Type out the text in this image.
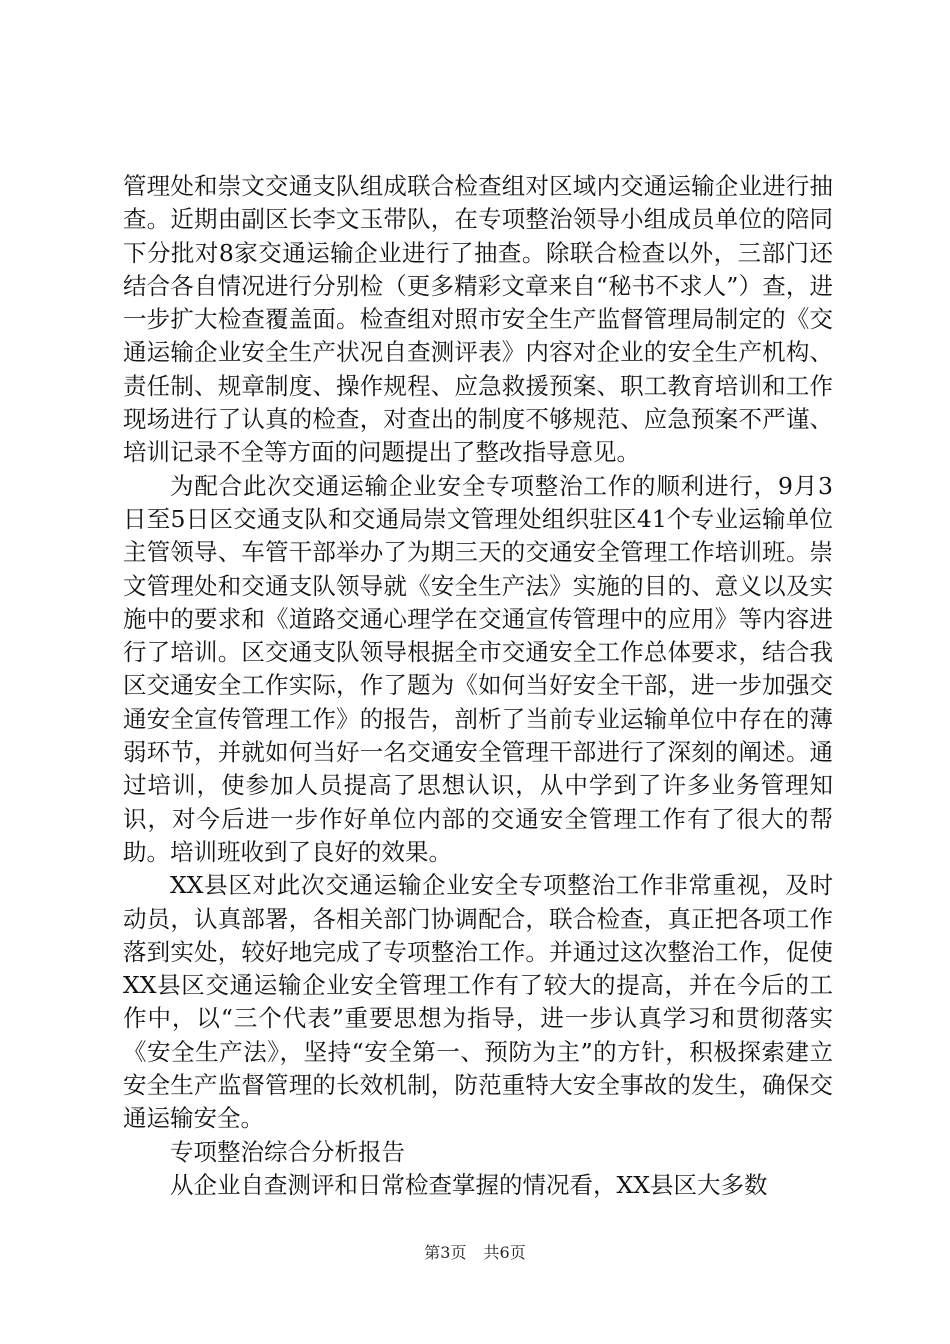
管理处和崇文交通支队组成联合检查组对区域内交通运输企业进行抽查。近期由副区长李文玉带队，在专项整治领导小组成员单位的陪同下分批对8家交通运输企业进行了抽查。除联合检查以外，三部门还结合各自情况进行分别检（更多精彩文章来自“秘书不求人”）查，进一步扩大检查覆盖面。检查组对照市安全生产监督管理局制定的《交通运输企业安全生产状况自查测评表》内容对企业的安全生产机构、责任制、规章制度、操作规程、应急救援预案、职工教育培训和工作现场进行了认真的检查，对查出的制度不够规范、应急预案不严谨、培训记录不全等方面的问题提出了整改指导意见。

为配合此次交通运输企业安全专项整治工作的顺利进行，9月3日至5日区交通支队和交通局崇文管理处组织驻区41个专业运输单位主管领导、车管干部举办了为期三天的交通安全管理工作培训班。崇文管理处和交通支队领导就《安全生产法》实施的目的、意义以及实施中的要求和《道路交通心理学在交通宣传管理中的应用》等内容进行了培训。区交通支队领导根据全市交通安全工作总体要求，结合我区交通安全工作实际，作了题为《如何当好安全干部，进一步加强交通安全宣传管理工作》的报告，剖析了当前专业运输单位中存在的薄弱环节，并就如何当好一名交通安全管理干部进行了深刻的阐述。通过培训，使参加人员提高了思想认识，从中学到了许多业务管理知识，对今后进一步作好单位内部的交通安全管理工作有了很大的帮助。培训班收到了良好的效果。

XX县区对此次交通运输企业安全专项整治工作非常重视，及时动员，认真部署，各相关部门协调配合，联合检查，真正把各项工作落到实处，较好地完成了专项整治工作。并通过这次整治工作，促使XX县区交通运输企业安全管理工作有了较大的提高，并在今后的工作中，以“三个代表”重要思想为指导，进一步认真学习和贯彻落实《安全生产法》，坚持“安全第一、预防为主”的方针，积极探索建立安全生产监督管理的长效机制，防范重特大安全事故的发生，确保交通运输安全。

专项整治综合分析报告

从企业自查测评和日常检查掌握的情况看，XX县区大多数

第3页 共6页
